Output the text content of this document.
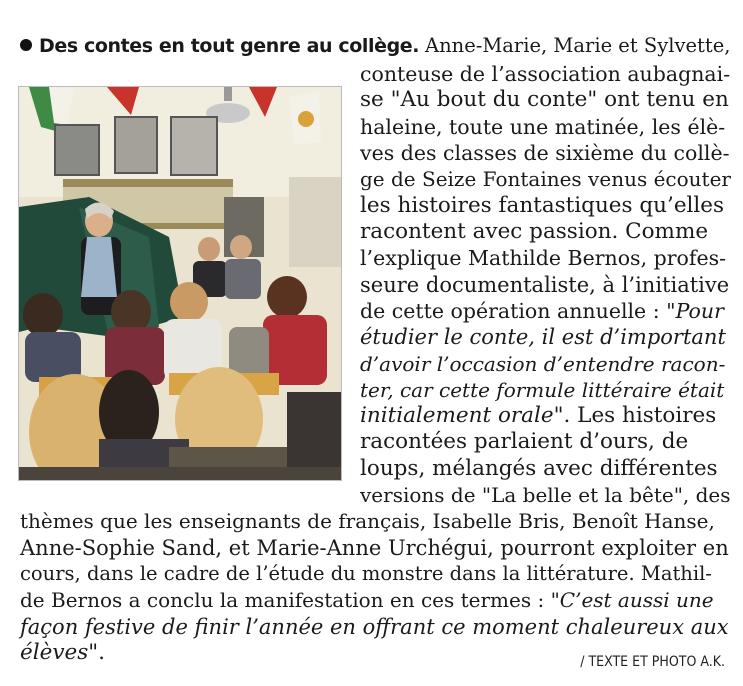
Des contes en tout genre au collège. Anne-Marie, Marie et Sylvette,
conteuse de l’association aubagnai-
se "Au bout du conte" ont tenu en
haleine, toute une matinée, les élè-
ves des classes de sixième du collè-
ge de Seize Fontaines venus écouter
les histoires fantastiques qu’elles
racontent avec passion. Comme
l’explique Mathilde Bernos, profes-
seure documentaliste, à l’initiative
de cette opération annuelle : "Pour
étudier le conte, il est d’important
d’avoir l’occasion d’entendre racon-
ter, car cette formule littéraire était
initialement orale". Les histoires
racontées parlaient d’ours, de
loups, mélangés avec différentes
versions de "La belle et la bête", des
thèmes que les enseignants de français, Isabelle Bris, Benoît Hanse,
Anne-Sophie Sand, et Marie-Anne Urchégui, pourront exploiter en
cours, dans le cadre de l’étude du monstre dans la littérature. Mathil-
de Bernos a conclu la manifestation en ces termes : "C’est aussi une
façon festive de finir l’année en offrant ce moment chaleureux aux
élèves".	/ TEXTE ET PHOTO A.K.
